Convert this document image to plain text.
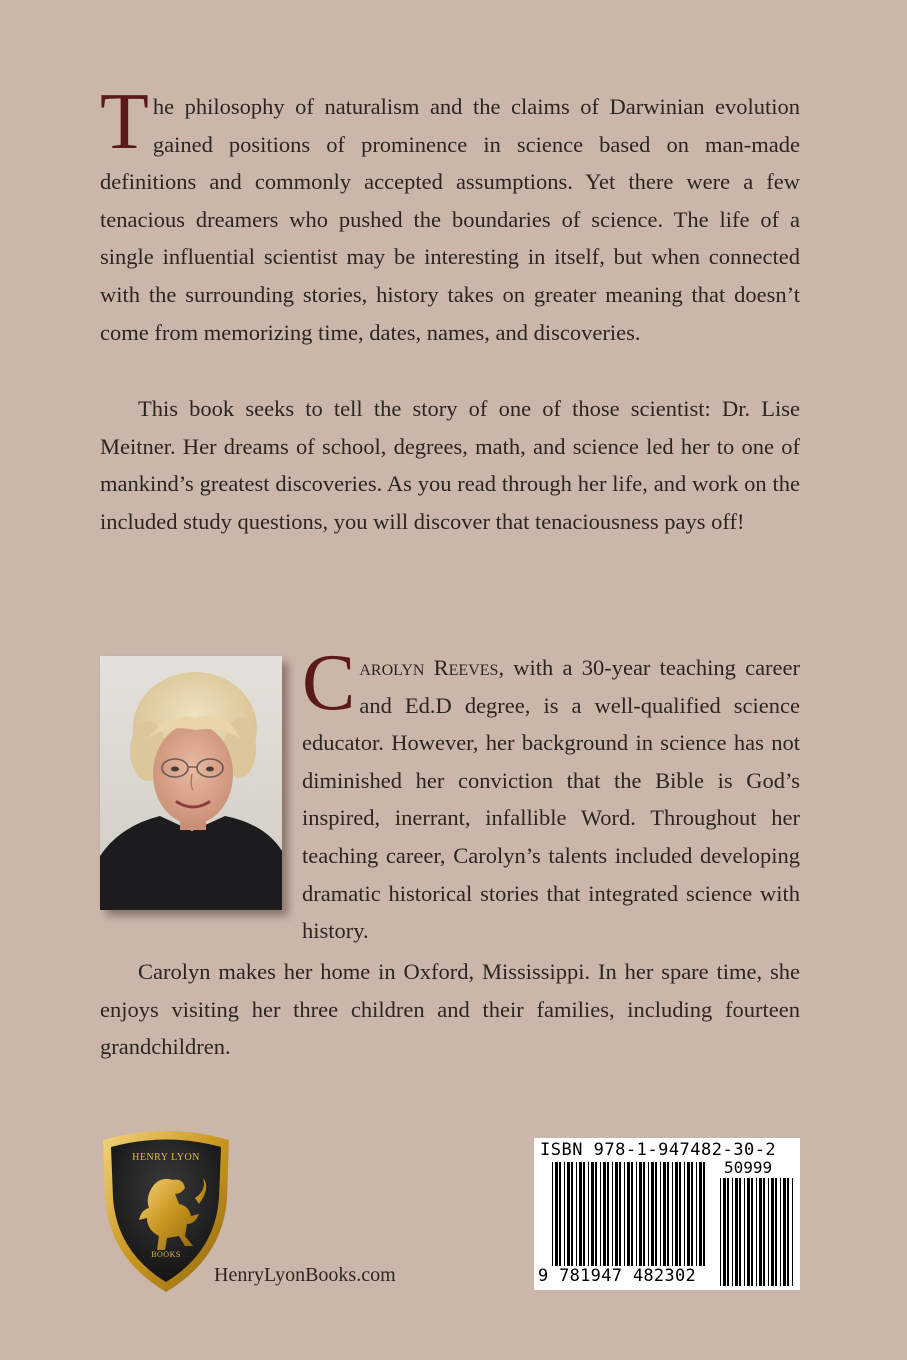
The philosophy of naturalism and the claims of Darwinian evolution gained positions of prominence in science based on man-made definitions and commonly accepted assumptions. Yet there were a few tenacious dreamers who pushed the boundaries of science. The life of a single influential scientist may be interesting in itself, but when connected with the surrounding stories, history takes on greater meaning that doesn’t come from memorizing time, dates, names, and discoveries.

This book seeks to tell the story of one of those scientist: Dr. Lise Meitner. Her dreams of school, degrees, math, and science led her to one of mankind’s greatest discoveries. As you read through her life, and work on the included study questions, you will discover that tenaciousness pays off!

Carolyn Reeves, with a 30-year teaching career and Ed.D degree, is a well-qualified science educator. However, her background in science has not diminished her conviction that the Bible is God’s inspired, inerrant, infallible Word. Throughout her teaching career, Carolyn’s talents included developing dramatic historical stories that integrated science with history.

Carolyn makes her home in Oxford, Mississippi. In her spare time, she enjoys visiting her three children and their families, including fourteen grandchildren.

HENRY LYON
BOOKS
HenryLyonBooks.com
ISBN 978-1-947482-30-2
50999
9 781947 482302
